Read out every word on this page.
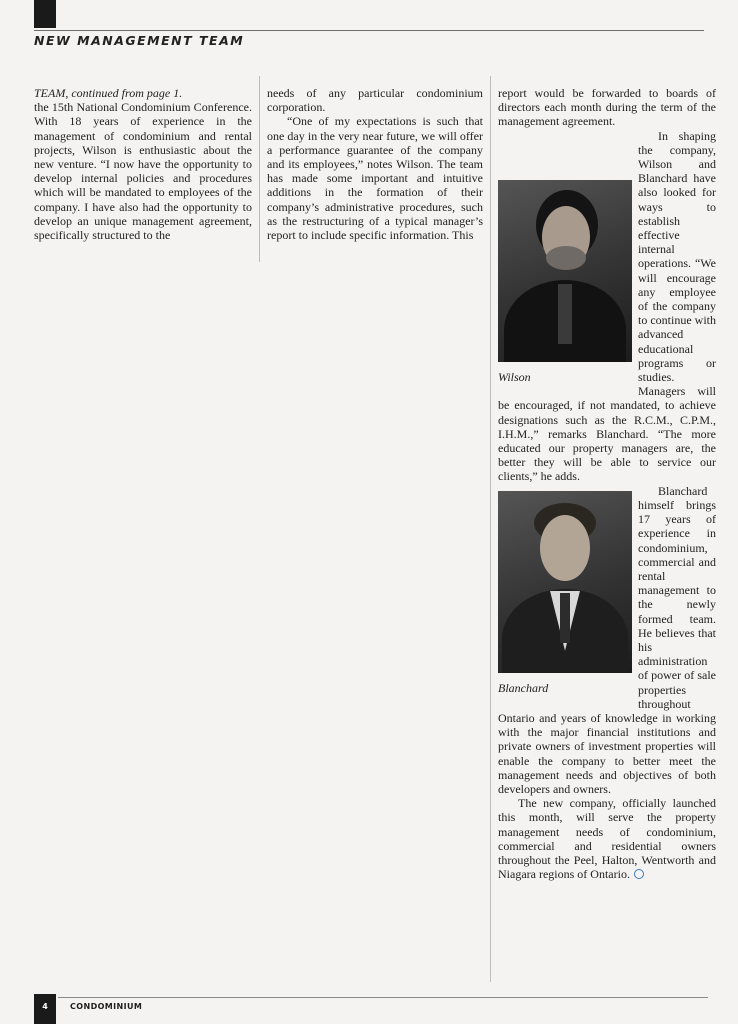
NEW MANAGEMENT TEAM

TEAM, continued from page 1.

the 15th National Condominium Conference. With 18 years of experience in the management of condominium and rental projects, Wilson is enthusiastic about the new venture. “I now have the opportunity to develop internal policies and procedures which will be mandated to employees of the company. I have also had the opportunity to develop an unique management agreement, specifically structured to the

needs of any particular condominium corporation.

“One of my expectations is such that one day in the very near future, we will offer a performance guarantee of the company and its employees,” notes Wilson. The team has made some important and intuitive additions in the formation of their company’s administrative procedures, such as the restructuring of a typical manager’s report to include specific information. This

report would be forwarded to boards of directors each month during the term of the management agreement.

Wilson

In shaping the company, Wilson and Blanchard have also looked for ways to establish effective internal operations. “We will encourage any employee of the company to continue with advanced educational programs or studies. Managers will be encouraged, if not mandated, to achieve designations such as the R.C.M., C.P.M., I.H.M.,” remarks Blanchard. “The more educated our property managers are, the better they will be able to service our clients,” he adds.

Blanchard

Blanchard himself brings 17 years of experience in condominium, commercial and rental management to the newly formed team. He believes that his administration of power of sale properties throughout Ontario and years of knowledge in working with the major financial institutions and private owners of investment properties will enable the company to better meet the management needs and objectives of both developers and owners.

The new company, officially launched this month, will serve the property management needs of condominium, commercial and residential owners throughout the Peel, Halton, Wentworth and Niagara regions of Ontario.

4	CONDOMINIUM
